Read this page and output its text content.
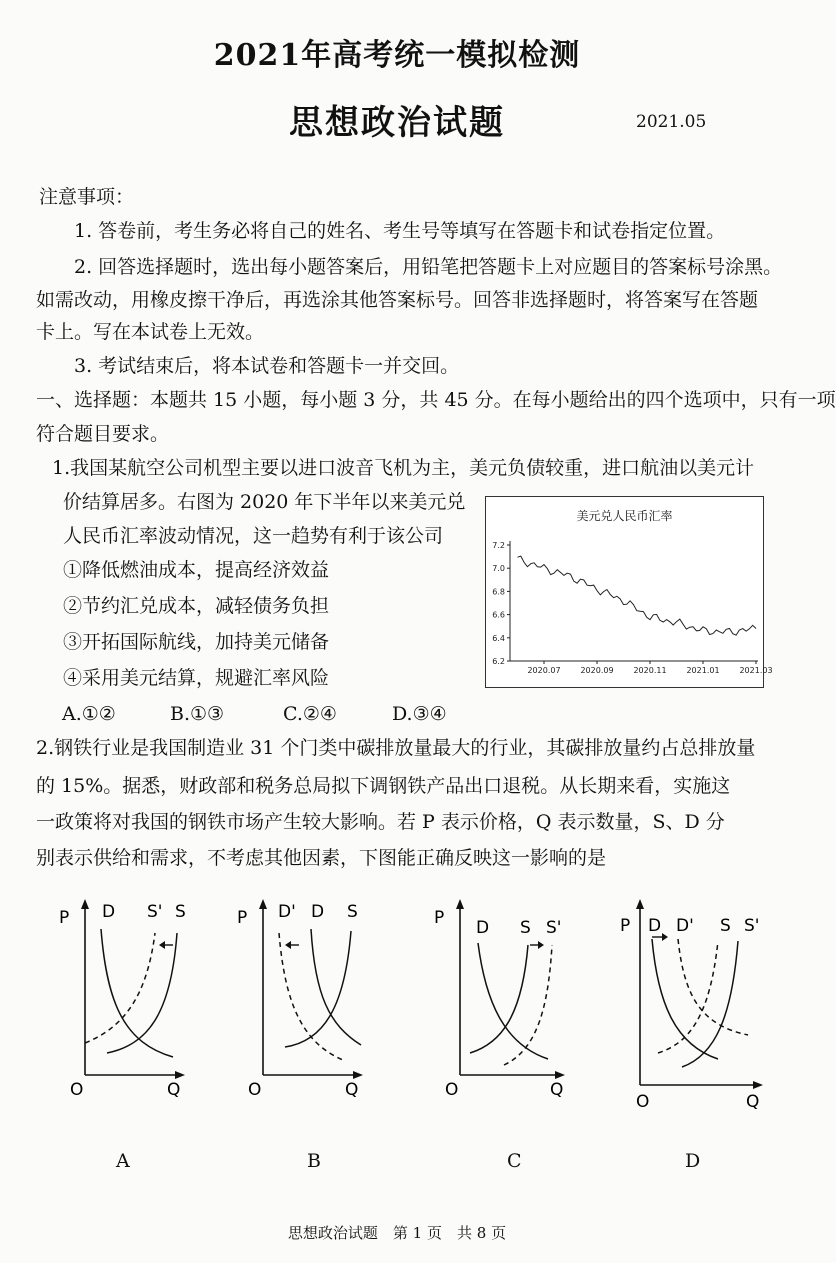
2021年高考统一模拟检测
思想政治试题	2021.05
注意事项：
1. 答卷前，考生务必将自己的姓名、考生号等填写在答题卡和试卷指定位置。
2. 回答选择题时，选出每小题答案后，用铅笔把答题卡上对应题目的答案标号涂黑。
如需改动，用橡皮擦干净后，再选涂其他答案标号。回答非选择题时，将答案写在答题
卡上。写在本试卷上无效。
3. 考试结束后，将本试卷和答题卡一并交回。
一、选择题：本题共 15 小题，每小题 3 分，共 45 分。在每小题给出的四个选项中，只有一项
符合题目要求。
1.我国某航空公司机型主要以进口波音飞机为主，美元负债较重，进口航油以美元计
价结算居多。右图为 2020 年下半年以来美元兑
人民币汇率波动情况，这一趋势有利于该公司
①降低燃油成本，提高经济效益
②节约汇兑成本，减轻债务负担
③开拓国际航线，加持美元储备
④采用美元结算，规避汇率风险
A.①②	B.①③	C.②④	D.③④
美元兑人民币汇率
6.2
6.4
6.6
6.8
7.0
7.2
2020.07 2020.09 2020.11 2021.01 2021.03
2.钢铁行业是我国制造业 31 个门类中碳排放量最大的行业，其碳排放量约占总排放量
的 15%。据悉，财政部和税务总局拟下调钢铁产品出口退税。从长期来看，实施这
一政策将对我国的钢铁市场产生较大影响。若 P 表示价格，Q 表示数量，S、D 分
别表示供给和需求，不考虑其他因素，下图能正确反映这一影响的是
P
O	Q
D S' S	P
O	Q
D' D S	P
O	Q
D S S'	P
O	Q
D D' S S'
A	B	C	D
思想政治试题　第 1 页　共 8 页
